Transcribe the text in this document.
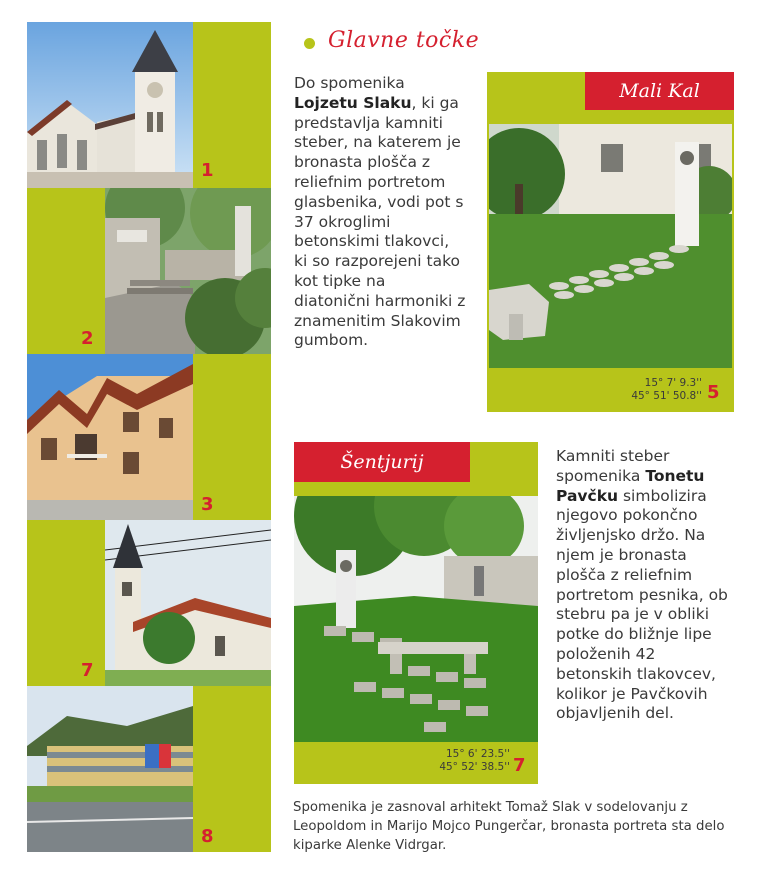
1
2
3
7
8
Glavne točke
Do spomenika Lojzetu Slaku, ki ga predstavlja kamniti steber, na katerem je bronasta plošča z reliefnim portretom glasbenika, vodi pot s 37 okroglimi betonskimi tlakovci, ki so razporejeni tako kot tipke na diatonični harmoniki z znamenitim Slakovim gumbom.
Mali Kal
15° 7' 9.3''
45° 51' 50.8'' 5
Šentjurij
15° 6' 23.5''
45° 52' 38.5'' 7
Kamniti steber spomenika Tonetu Pavčku simbolizira njegovo pokončno življenjsko držo. Na njem je bronasta plošča z reliefnim portretom pesnika, ob stebru pa je v obliki potke do bližnje lipe položenih 42 betonskih tlakovcev, kolikor je Pavčkovih objavljenih del.
Spomenika je zasnoval arhitekt Tomaž Slak v sodelovanju z Leopoldom in Marijo Mojco Pungerčar, bronasta portreta sta delo kiparke Alenke Vidrgar.
